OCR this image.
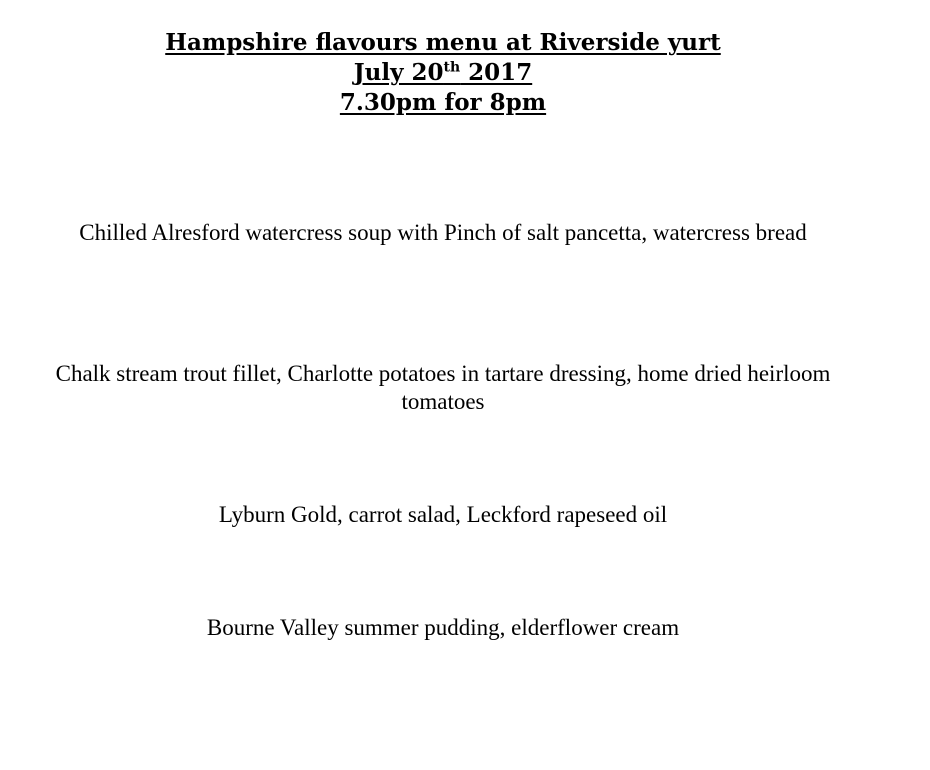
Hampshire flavours menu at Riverside yurt
July 20th 2017
7.30pm for 8pm
Chilled Alresford watercress soup with Pinch of salt pancetta, watercress bread
Chalk stream trout fillet, Charlotte potatoes in tartare dressing, home dried heirloom tomatoes
Lyburn Gold, carrot salad, Leckford rapeseed oil
Bourne Valley summer pudding, elderflower cream
